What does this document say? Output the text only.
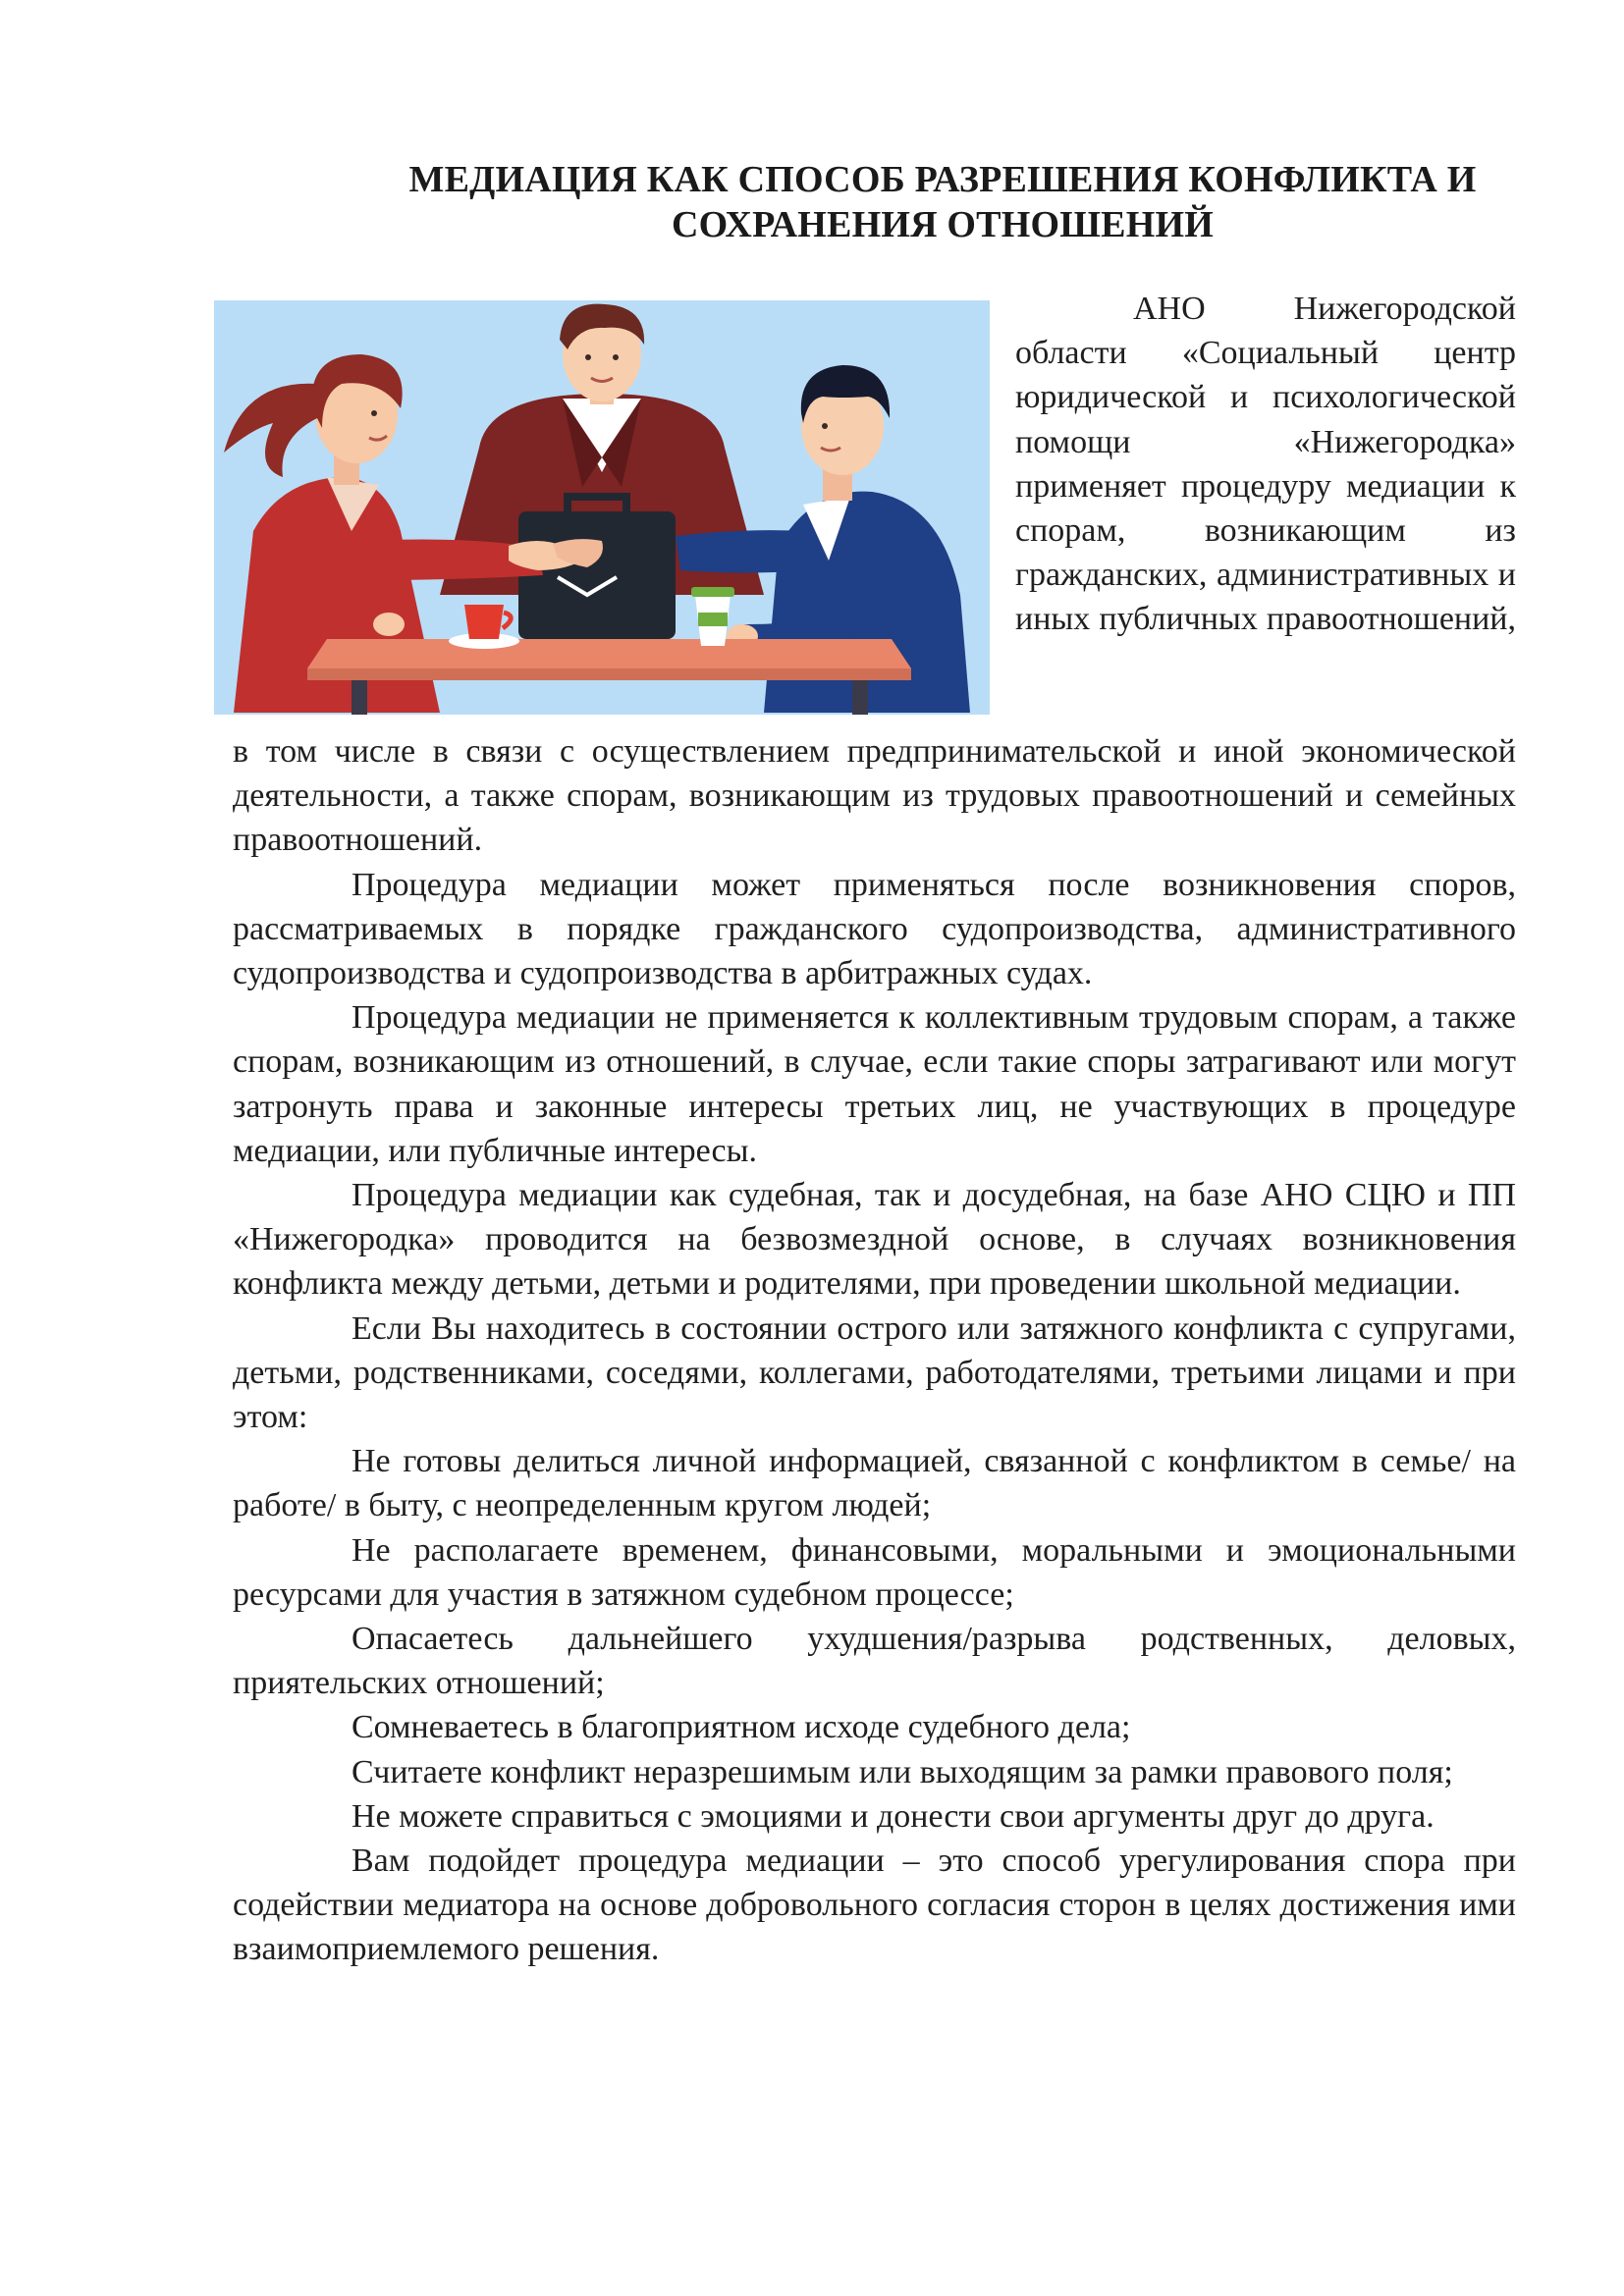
МЕДИАЦИЯ КАК СПОСОБ РАЗРЕШЕНИЯ КОНФЛИКТА И
СОХРАНЕНИЯ ОТНОШЕНИЙ
АНО Нижегородской области «Социальный центр юридической и психологической помощи «Нижегородка» применяет процедуру медиации к спорам, возникающим из гражданских, административных и иных публичных правоотношений,

в том числе в связи с осуществлением предпринимательской и иной экономической деятельности, а также спорам, возникающим из трудовых правоотношений и семейных правоотношений.

Процедура медиации может применяться после возникновения споров, рассматриваемых в порядке гражданского судопроизводства, административного судопроизводства и судопроизводства в арбитражных судах.

Процедура медиации не применяется к коллективным трудовым спорам, а также спорам, возникающим из отношений, в случае, если такие споры затрагивают или могут затронуть права и законные интересы третьих лиц, не участвующих в процедуре медиации, или публичные интересы.

Процедура медиации как судебная, так и досудебная, на базе АНО СЦЮ и ПП «Нижегородка» проводится на безвозмездной основе, в случаях возникновения конфликта между детьми, детьми и родителями, при проведении школьной медиации.

Если Вы находитесь в состоянии острого или затяжного конфликта с супругами, детьми, родственниками, соседями, коллегами, работодателями, третьими лицами и при этом:

Не готовы делиться личной информацией, связанной с конфликтом в семье/ на работе/ в быту, с неопределенным кругом людей;

Не располагаете временем, финансовыми, моральными и эмоциональными ресурсами для участия в затяжном судебном процессе;

Опасаетесь дальнейшего ухудшения/разрыва родственных, деловых, приятельских отношений;

Сомневаетесь в благоприятном исходе судебного дела;

Считаете конфликт неразрешимым или выходящим за рамки правового поля;

Не можете справиться с эмоциями и донести свои аргументы друг до друга.

Вам подойдет процедура медиации – это способ урегулирования спора при содействии медиатора на основе добровольного согласия сторон в целях достижения ими взаимоприемлемого решения.
